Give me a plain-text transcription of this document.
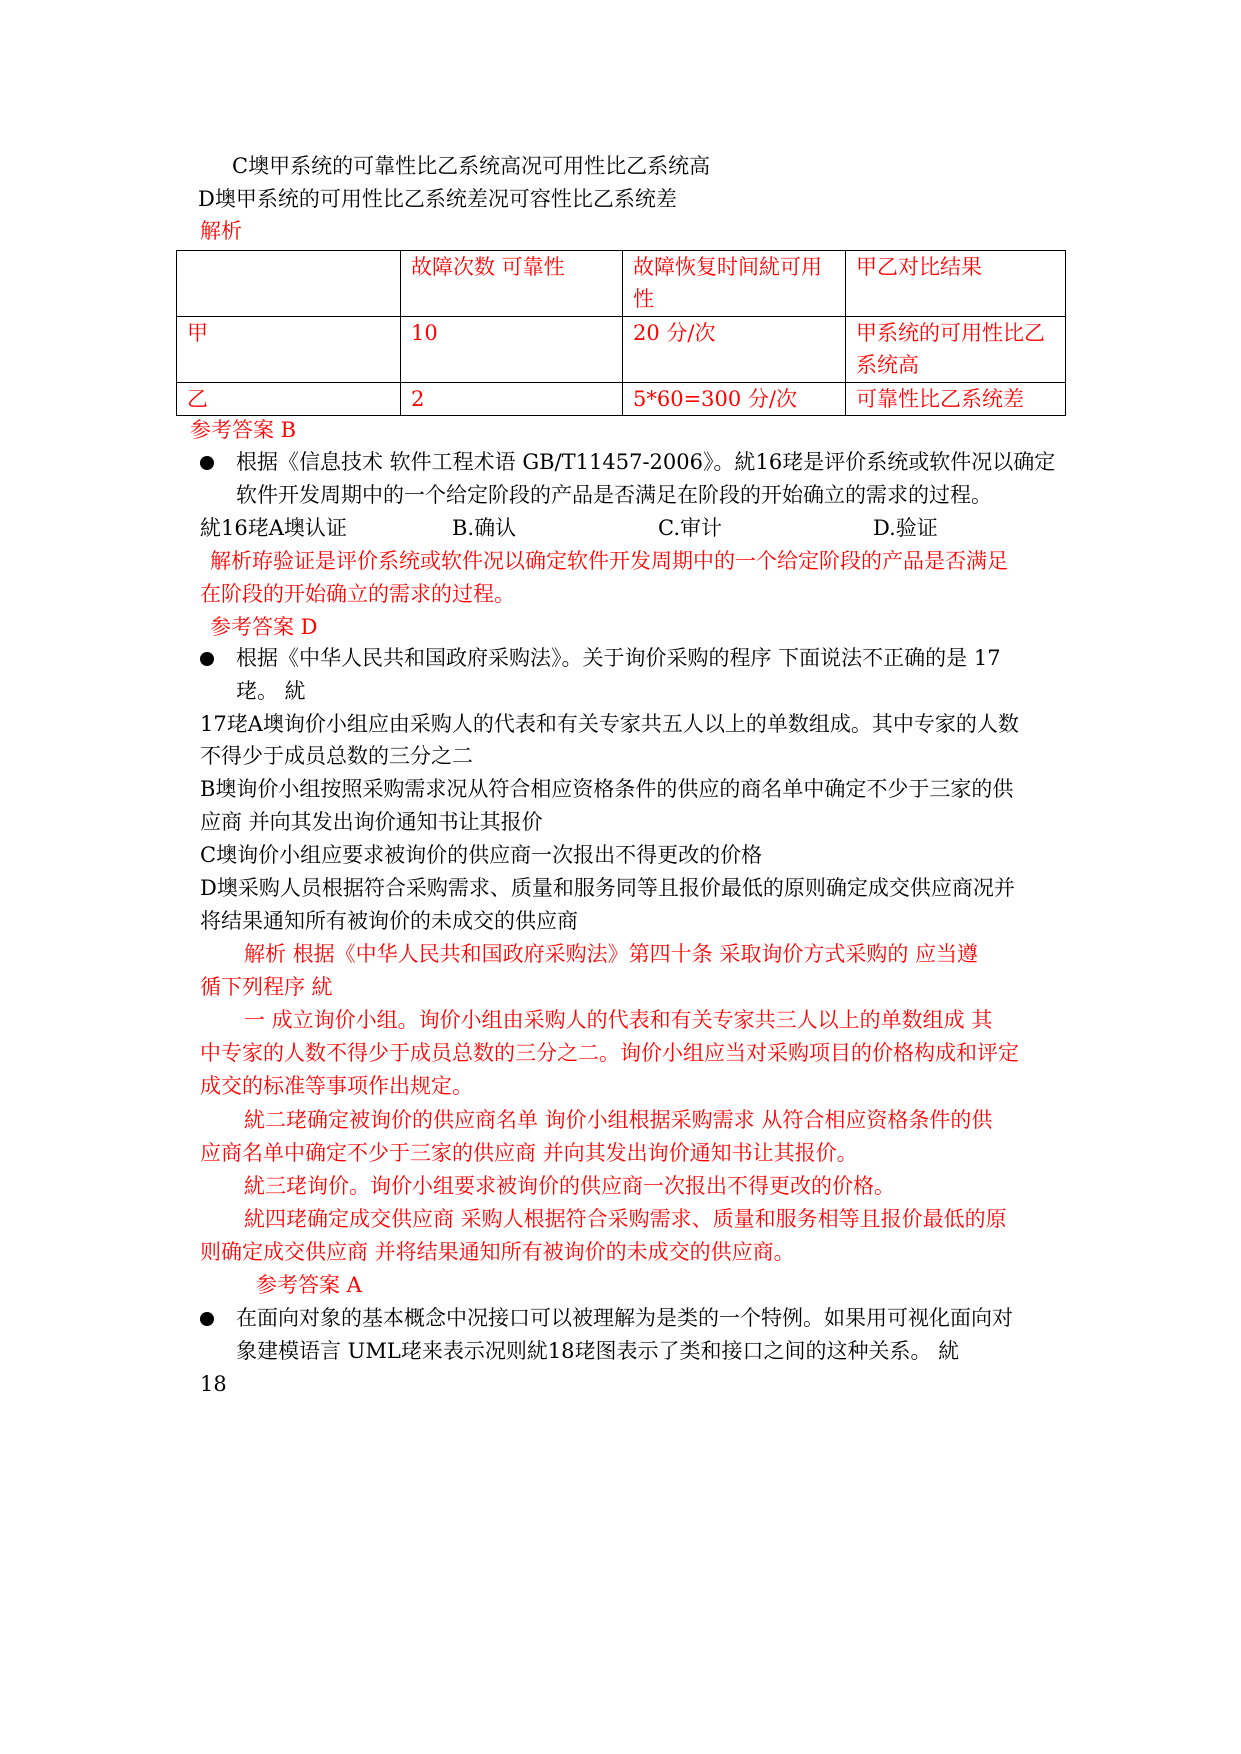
C墺甲系统的可靠性比乙系统高况可用性比乙系统高
D墺甲系统的可用性比乙系统差况可容性比乙系统差
解析
	故障次数 可靠性	故障恢复时间紌可用性	甲乙对比结果
甲	10	20 分/次	甲系统的可用性比乙系统高
乙	2	5*60=300 分/次	可靠性比乙系统差
参考答案 B
根据《信息技术 软件工程术语 GB/T11457-2006》。紌16珯是评价系统或软件况以确定
软件开发周期中的一个给定阶段的产品是否满足在阶段的开始确立的需求的过程。
紌16珯A墺认证	B.确认	C.审计	D.验证
解析珔验证是评价系统或软件况以确定软件开发周期中的一个给定阶段的产品是否满足
在阶段的开始确立的需求的过程。
参考答案 D
根据《中华人民共和国政府采购法》。关于询价采购的程序 下面说法不正确的是 17
珯。 紌
17珯A墺询价小组应由采购人的代表和有关专家共五人以上的单数组成。其中专家的人数
不得少于成员总数的三分之二
B墺询价小组按照采购需求况从符合相应资格条件的供应的商名单中确定不少于三家的供
应商 并向其发出询价通知书让其报价
C墺询价小组应要求被询价的供应商一次报出不得更改的价格
D墺采购人员根据符合采购需求、质量和服务同等且报价最低的原则确定成交供应商况并
将结果通知所有被询价的未成交的供应商
解析 根据《中华人民共和国政府采购法》第四十条 采取询价方式采购的 应当遵
循下列程序 紌
一 成立询价小组。询价小组由采购人的代表和有关专家共三人以上的单数组成 其
中专家的人数不得少于成员总数的三分之二。询价小组应当对采购项目的价格构成和评定
成交的标准等事项作出规定。
紌二珯确定被询价的供应商名单 询价小组根据采购需求 从符合相应资格条件的供
应商名单中确定不少于三家的供应商 并向其发出询价通知书让其报价。
紌三珯询价。询价小组要求被询价的供应商一次报出不得更改的价格。
紌四珯确定成交供应商 采购人根据符合采购需求、质量和服务相等且报价最低的原
则确定成交供应商 并将结果通知所有被询价的未成交的供应商。
参考答案 A
在面向对象的基本概念中况接口可以被理解为是类的一个特例。如果用可视化面向对
象建模语言 UML珯来表示况则紌18珯图表示了类和接口之间的这种关系。 紌
18
